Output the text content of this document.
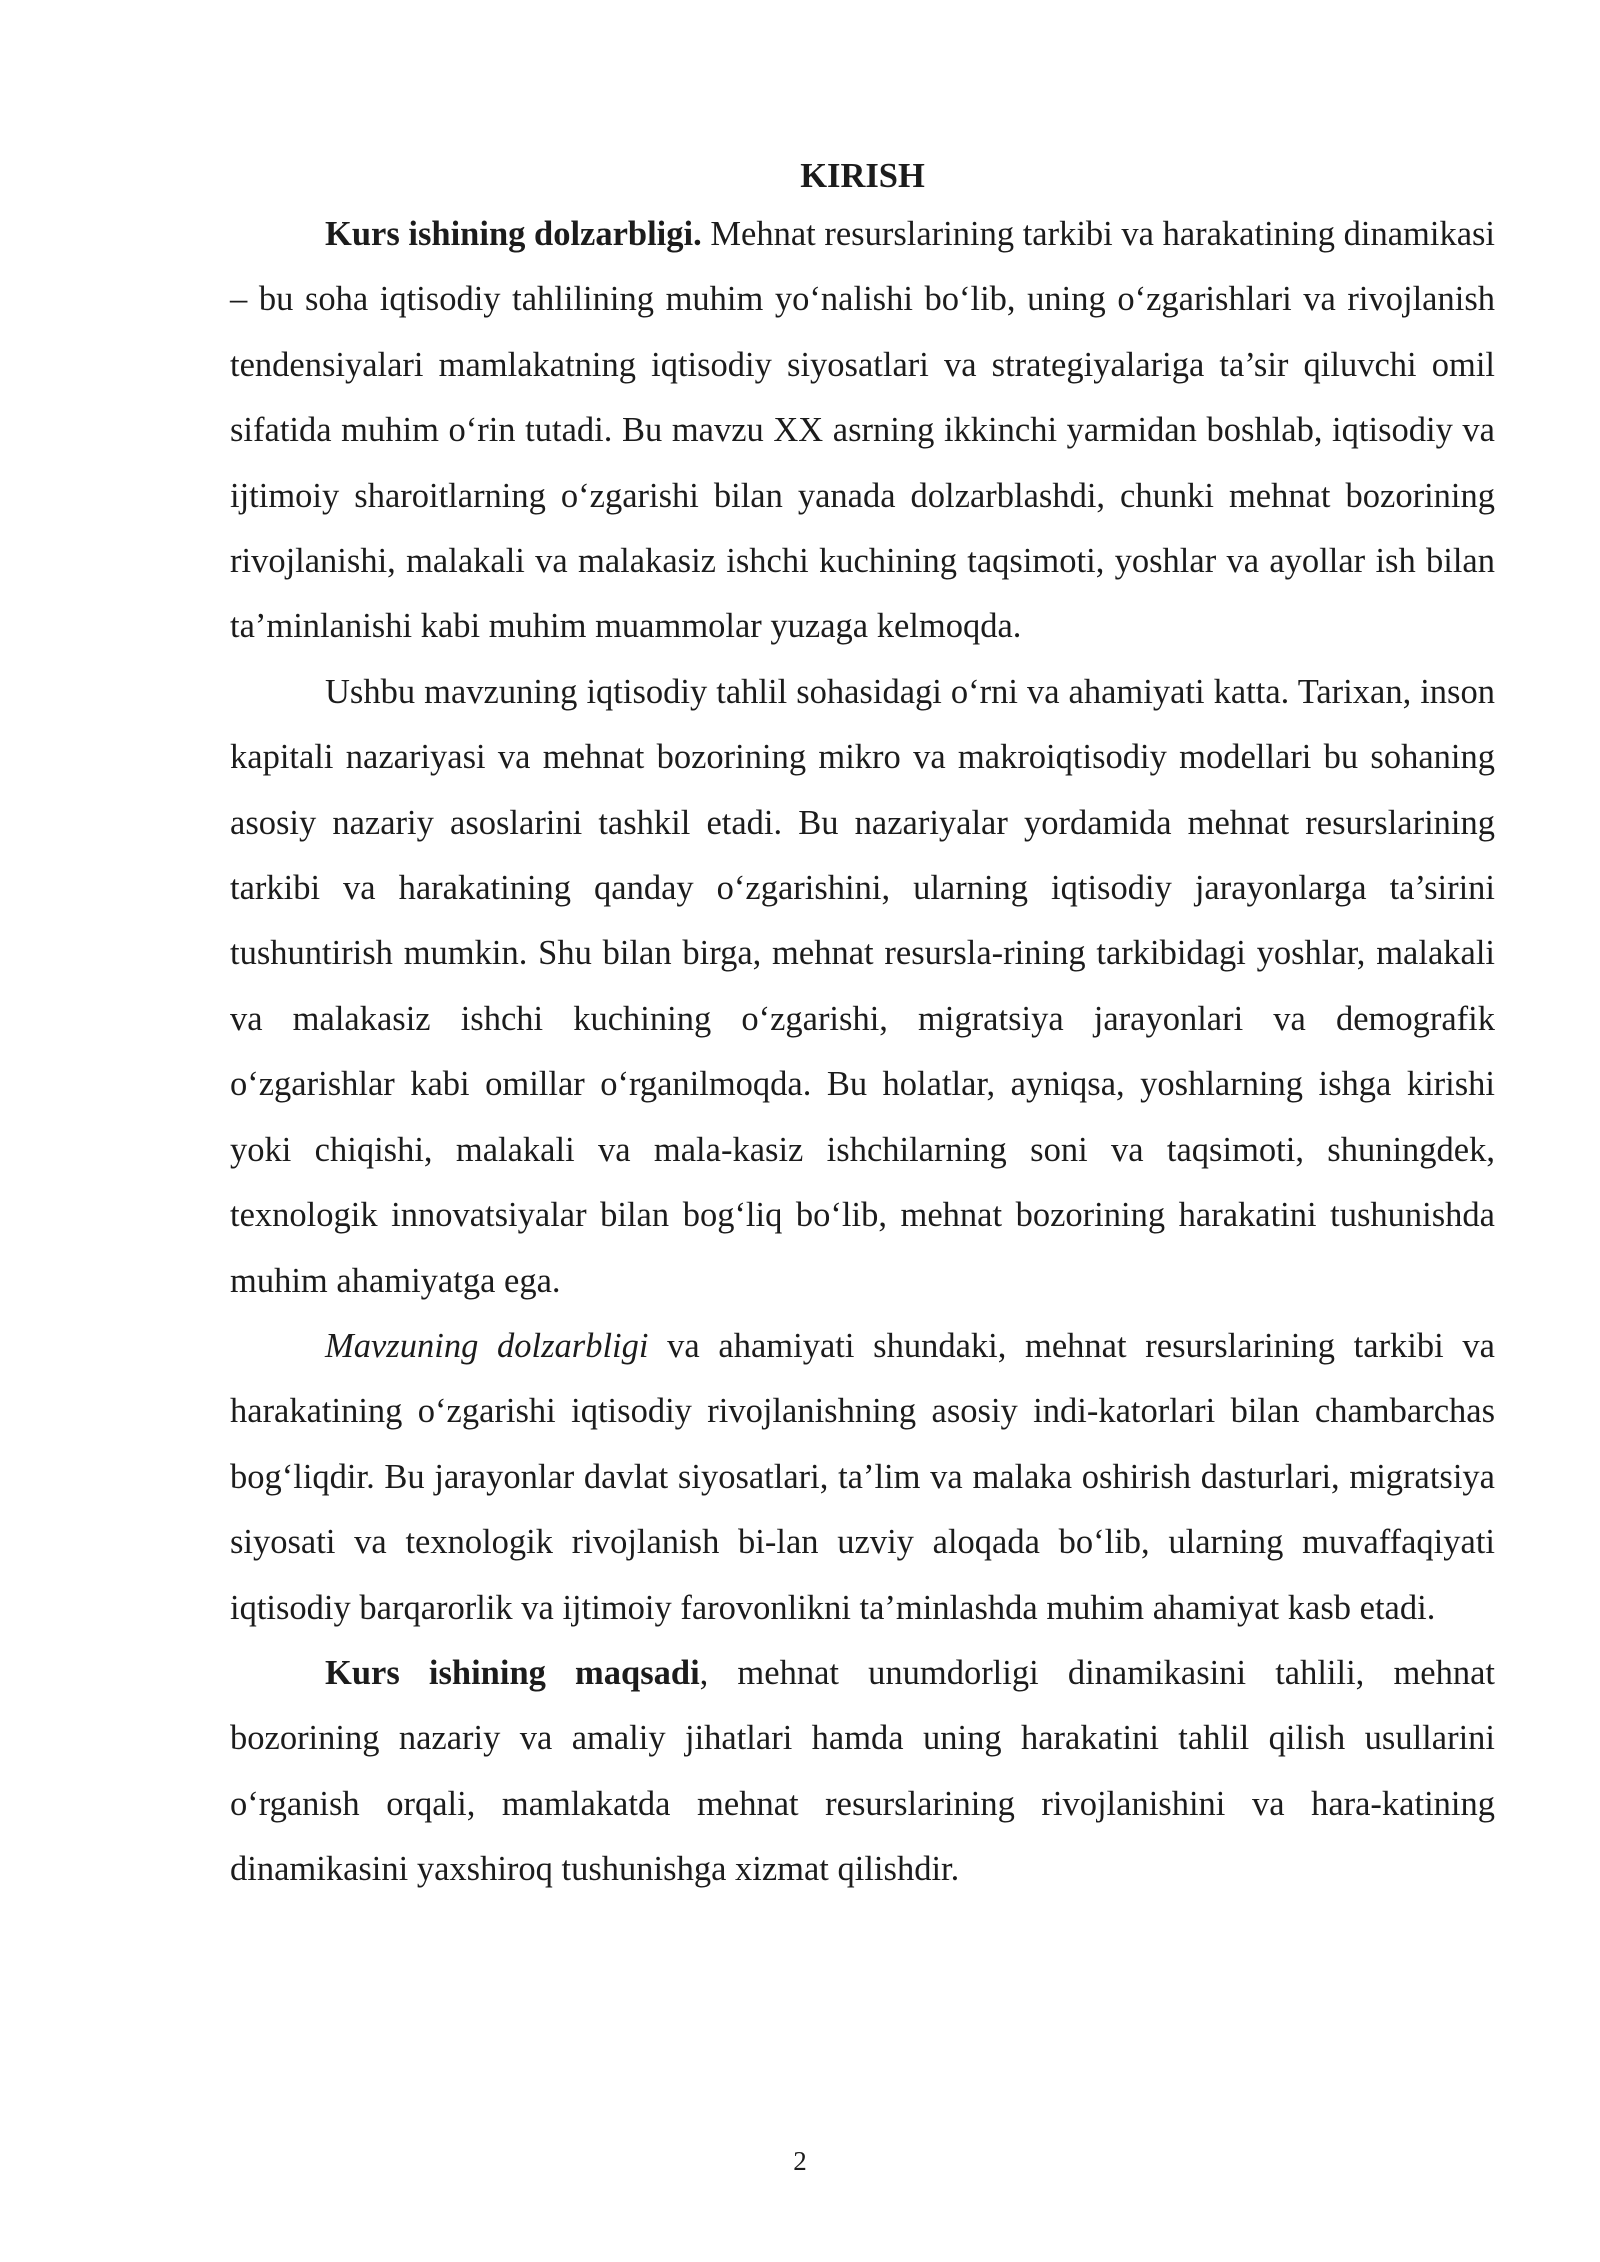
KIRISH

Kurs ishining dolzarbligi. Mehnat resurslarining tarkibi va harakatining dinamikasi – bu soha iqtisodiy tahlilining muhim yo‘nalishi bo‘lib, uning o‘zgarishlari va rivojlanish tendensiyalari mamlakatning iqtisodiy siyosatlari va strategiyalariga ta’sir qiluvchi omil sifatida muhim o‘rin tutadi. Bu mavzu XX asrning ikkinchi yarmidan boshlab, iqtisodiy va ijtimoiy sharoitlarning o‘zgarishi bilan yanada dolzarblashdi, chunki mehnat bozorining rivojlanishi, malakali va malakasiz ishchi kuchining taqsimoti, yoshlar va ayollar ish bilan ta’minlanishi kabi muhim muammolar yuzaga kelmoqda.

Ushbu mavzuning iqtisodiy tahlil sohasidagi o‘rni va ahamiyati katta. Tarixan, inson kapitali nazariyasi va mehnat bozorining mikro va makroiqtisodiy modellari bu sohaning asosiy nazariy asoslarini tashkil etadi. Bu nazariyalar yordamida mehnat resurslarining tarkibi va harakatining qanday o‘zgarishini, ularning iqtisodiy jarayonlarga ta’sirini tushuntirish mumkin. Shu bilan birga, mehnat resursla-rining tarkibidagi yoshlar, malakali va malakasiz ishchi kuchining o‘zgarishi, migratsiya jarayonlari va demografik o‘zgarishlar kabi omillar o‘rganilmoqda. Bu holatlar, ayniqsa, yoshlarning ishga kirishi yoki chiqishi, malakali va mala-kasiz ishchilarning soni va taqsimoti, shuningdek, texnologik innovatsiyalar bilan bog‘liq bo‘lib, mehnat bozorining harakatini tushunishda muhim ahamiyatga ega.

Mavzuning dolzarbligi va ahamiyati shundaki, mehnat resurslarining tarkibi va harakatining o‘zgarishi iqtisodiy rivojlanishning asosiy indi-katorlari bilan chambarchas bog‘liqdir. Bu jarayonlar davlat siyosatlari, ta’lim va malaka oshirish dasturlari, migratsiya siyosati va texnologik rivojlanish bi-lan uzviy aloqada bo‘lib, ularning muvaffaqiyati iqtisodiy barqarorlik va ijtimoiy farovonlikni ta’minlashda muhim ahamiyat kasb etadi.

Kurs ishining maqsadi, mehnat unumdorligi dinamikasini tahlili, mehnat bozorining nazariy va amaliy jihatlari hamda uning harakatini tahlil qilish usullarini o‘rganish orqali, mamlakatda mehnat resurslarining rivojlanishini va hara-katining dinamikasini yaxshiroq tushunishga xizmat qilishdir.

2
